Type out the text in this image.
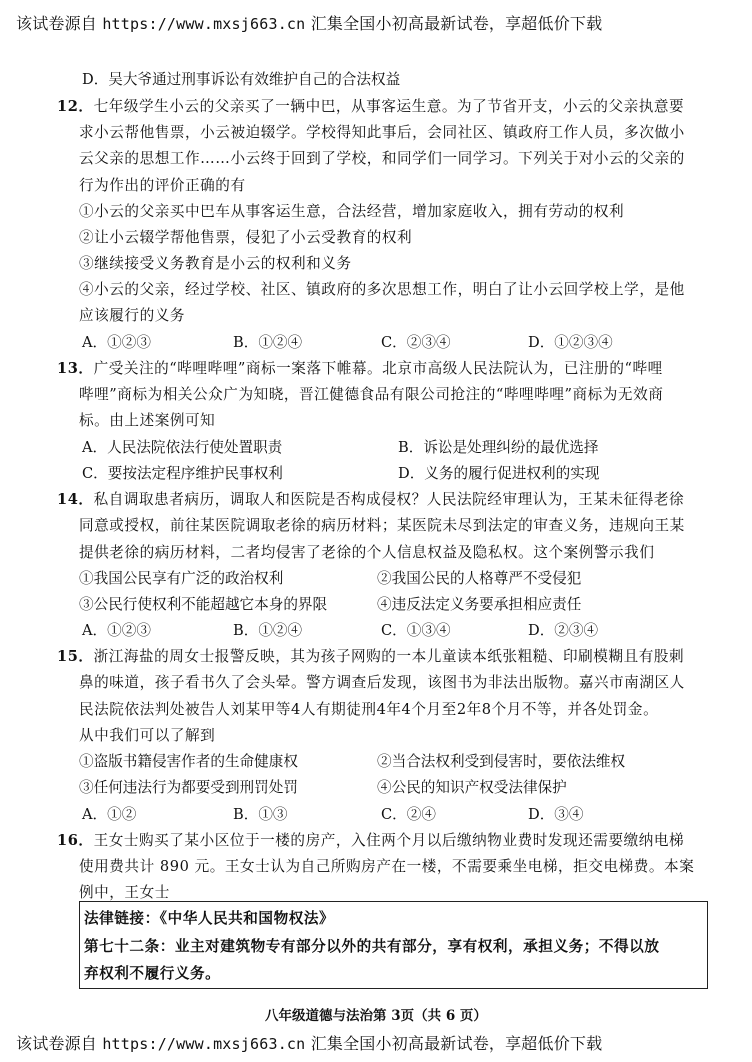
该试卷源自 https://www.mxsj663.cn 汇集全国小初高最新试卷，享超低价下载
D．吴大爷通过刑事诉讼有效维护自己的合法权益
12．七年级学生小云的父亲买了一辆中巴，从事客运生意。为了节省开支，小云的父亲执意要
求小云帮他售票，小云被迫辍学。学校得知此事后，会同社区、镇政府工作人员，多次做小
云父亲的思想工作……小云终于回到了学校，和同学们一同学习。下列关于对小云的父亲的
行为作出的评价正确的有
①小云的父亲买中巴车从事客运生意，合法经营，增加家庭收入，拥有劳动的权利
②让小云辍学帮他售票，侵犯了小云受教育的权利
③继续接受义务教育是小云的权利和义务
④小云的父亲，经过学校、社区、镇政府的多次思想工作，明白了让小云回学校上学，是他
应该履行的义务
A．①②③	B．①②④	C．②③④	D．①②③④
13．广受关注的“哔哩哔哩”商标一案落下帷幕。北京市高级人民法院认为，已注册的“哔哩
哔哩”商标为相关公众广为知晓，晋江健德食品有限公司抢注的“哔哩哔哩”商标为无效商
标。由上述案例可知
A．人民法院依法行使处置职责	B．诉讼是处理纠纷的最优选择
C．要按法定程序维护民事权利	D．义务的履行促进权利的实现
14．私自调取患者病历，调取人和医院是否构成侵权？人民法院经审理认为，王某未征得老徐
同意或授权，前往某医院调取老徐的病历材料；某医院未尽到法定的审查义务，违规向王某
提供老徐的病历材料，二者均侵害了老徐的个人信息权益及隐私权。这个案例警示我们
①我国公民享有广泛的政治权利	②我国公民的人格尊严不受侵犯
③公民行使权利不能超越它本身的界限	④违反法定义务要承担相应责任
A．①②③	B．①②④	C．①③④	D．②③④
15．浙江海盐的周女士报警反映，其为孩子网购的一本儿童读本纸张粗糙、印刷模糊且有股刺
鼻的味道，孩子看书久了会头晕。警方调查后发现，该图书为非法出版物。嘉兴市南湖区人
民法院依法判处被告人刘某甲等4人有期徒刑4年4个月至2年8个月不等，并各处罚金。
从中我们可以了解到
①盗版书籍侵害作者的生命健康权	②当合法权利受到侵害时，要依法维权
③任何违法行为都要受到刑罚处罚	④公民的知识产权受法律保护
A．①②	B．①③	C．②④	D．③④
16．王女士购买了某小区位于一楼的房产，入住两个月以后缴纳物业费时发现还需要缴纳电梯
使用费共计 890 元。王女士认为自己所购房产在一楼，不需要乘坐电梯，拒交电梯费。本案
例中，王女士
法律链接：《中华人民共和国物权法》
第七十二条：业主对建筑物专有部分以外的共有部分，享有权利，承担义务；不得以放
弃权利不履行义务。
八年级道德与法治第 3页（共 6 页）
该试卷源自 https://www.mxsj663.cn 汇集全国小初高最新试卷，享超低价下载
